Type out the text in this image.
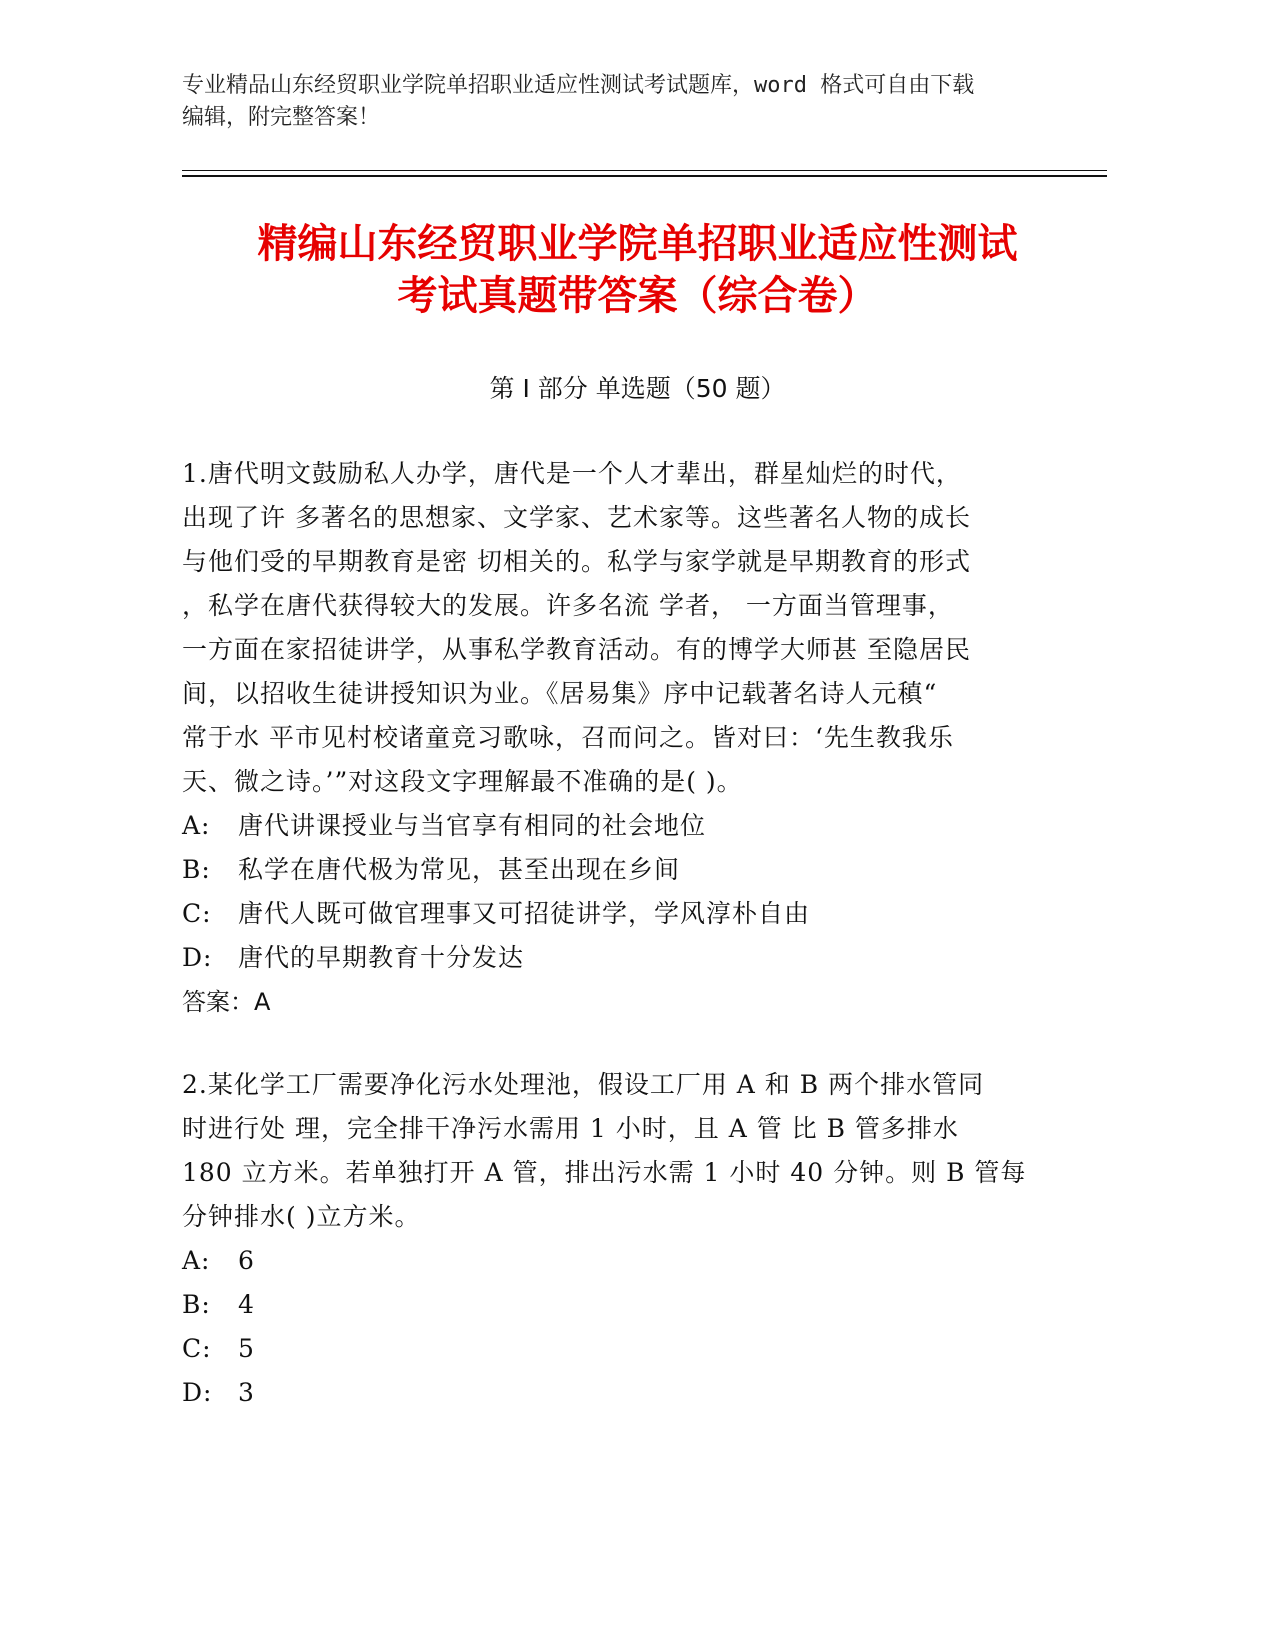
专业精品山东经贸职业学院单招职业适应性测试考试题库，word 格式可自由下载

编辑，附完整答案！

精编山东经贸职业学院单招职业适应性测试

考试真题带答案（综合卷）

第 I 部分 单选题（50 题）

1.唐代明文鼓励私人办学，唐代是一个人才辈出，群星灿烂的时代，

出现了许 多著名的思想家、文学家、艺术家等。这些著名人物的成长

与他们受的早期教育是密 切相关的。私学与家学就是早期教育的形式

，私学在唐代获得较大的发展。许多名流 学者， 一方面当管理事，

一方面在家招徒讲学，从事私学教育活动。有的博学大师甚 至隐居民

间，以招收生徒讲授知识为业。《居易集》序中记载著名诗人元稹“

常于水 平市见村校诸童竞习歌咏，召而问之。皆对曰：‘先生教我乐

天、微之诗。’”对这段文字理解最不准确的是( )。

A:	唐代讲课授业与当官享有相同的社会地位
B:	私学在唐代极为常见，甚至出现在乡间
C:	唐代人既可做官理事又可招徒讲学，学风淳朴自由
D:	唐代的早期教育十分发达

答案：A

2.某化学工厂需要净化污水处理池，假设工厂用 A 和 B 两个排水管同

时进行处 理，完全排干净污水需用 1 小时，且 A 管 比 B 管多排水

180 立方米。若单独打开 A 管，排出污水需 1 小时 40 分钟。则 B 管每

分钟排水( )立方米。

A:	6
B:	4
C:	5
D:	3
